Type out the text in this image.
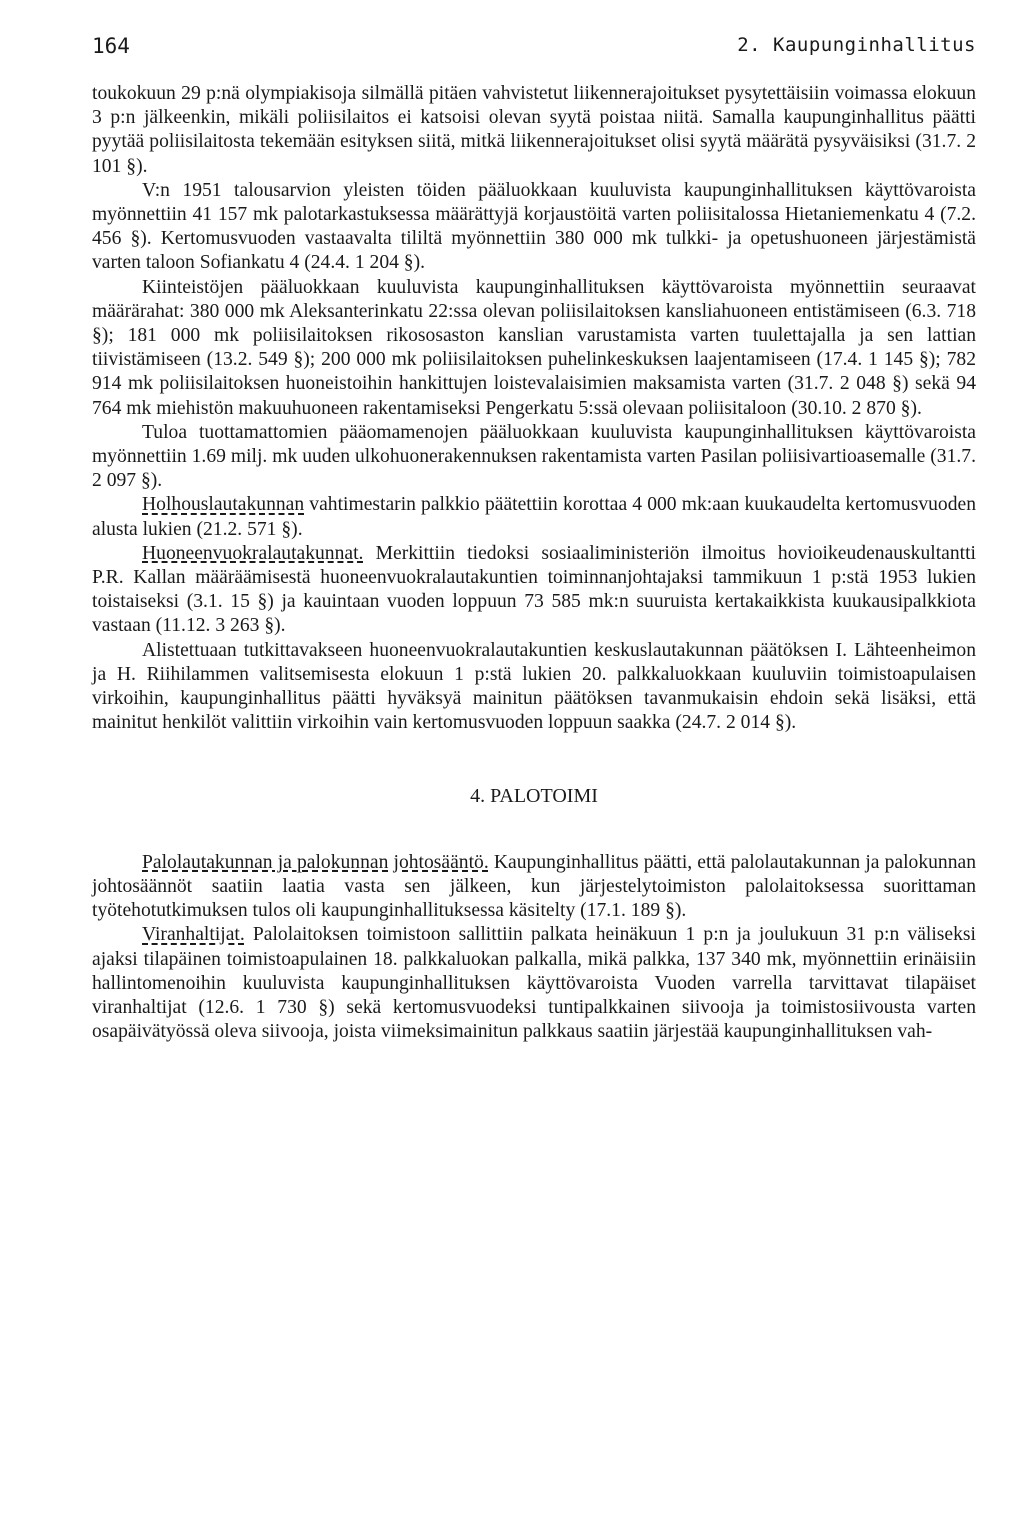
164	2. Kaupunginhallitus

toukokuun 29 p:nä olympiakisoja silmällä pitäen vahvistetut liikennerajoitukset pysytettäisiin voimassa elokuun 3 p:n jälkeenkin, mikäli poliisilaitos ei katsoisi olevan syytä poistaa niitä. Samalla kaupunginhallitus päätti pyytää poliisilaitosta tekemään esityksen siitä, mitkä liikennerajoitukset olisi syytä määrätä pysyväisiksi (31.7. 2 101 §).

V:n 1951 talousarvion yleisten töiden pääluokkaan kuuluvista kaupunginhallituksen käyttövaroista myönnettiin 41 157 mk palotarkastuksessa määrättyjä korjaustöitä varten poliisitalossa Hietaniemenkatu 4 (7.2. 456 §). Kertomusvuoden vastaavalta tililtä myönnettiin 380 000 mk tulkki- ja opetushuoneen järjestämistä varten taloon Sofiankatu 4 (24.4. 1 204 §).

Kiinteistöjen pääluokkaan kuuluvista kaupunginhallituksen käyttövaroista myönnettiin seuraavat määrärahat: 380 000 mk Aleksanterinkatu 22:ssa olevan poliisilaitoksen kansliahuoneen entistämiseen (6.3. 718 §); 181 000 mk poliisilaitoksen rikososaston kanslian varustamista varten tuulettajalla ja sen lattian tiivistämiseen (13.2. 549 §); 200 000 mk poliisilaitoksen puhelinkeskuksen laajentamiseen (17.4. 1 145 §); 782 914 mk poliisilaitoksen huoneistoihin hankittujen loistevalaisimien maksamista varten (31.7. 2 048 §) sekä 94 764 mk miehistön makuuhuoneen rakentamiseksi Pengerkatu 5:ssä olevaan poliisitaloon (30.10. 2 870 §).

Tuloa tuottamattomien pääomamenojen pääluokkaan kuuluvista kaupunginhallituksen käyttövaroista myönnettiin 1.69 milj. mk uuden ulkohuonerakennuksen rakentamista varten Pasilan poliisivartioasemalle (31.7. 2 097 §).

Holhouslautakunnan vahtimestarin palkkio päätettiin korottaa 4 000 mk:aan kuukaudelta kertomusvuoden alusta lukien (21.2. 571 §).

Huoneenvuokralautakunnat. Merkittiin tiedoksi sosiaaliministeriön ilmoitus hovioikeudenauskultantti P.R. Kallan määräämisestä huoneenvuokralautakuntien toiminnanjohtajaksi tammikuun 1 p:stä 1953 lukien toistaiseksi (3.1. 15 §) ja kauintaan vuoden loppuun 73 585 mk:n suuruista kertakaikkista kuukausipalkkiota vastaan (11.12. 3 263 §).

Alistettuaan tutkittavakseen huoneenvuokralautakuntien keskuslautakunnan päätöksen I. Lähteenheimon ja H. Riihilammen valitsemisesta elokuun 1 p:stä lukien 20. palkkaluokkaan kuuluviin toimistoapulaisen virkoihin, kaupunginhallitus päätti hyväksyä mainitun päätöksen tavanmukaisin ehdoin sekä lisäksi, että mainitut henkilöt valittiin virkoihin vain kertomusvuoden loppuun saakka (24.7. 2 014 §).

4. PALOTOIMI

Palolautakunnan ja palokunnan johtosääntö. Kaupunginhallitus päätti, että palolautakunnan ja palokunnan johtosäännöt saatiin laatia vasta sen jälkeen, kun järjestelytoimiston palolaitoksessa suorittaman työtehotutkimuksen tulos oli kaupunginhallituksessa käsitelty (17.1. 189 §).

Viranhaltijat. Palolaitoksen toimistoon sallittiin palkata heinäkuun 1 p:n ja joulukuun 31 p:n väliseksi ajaksi tilapäinen toimistoapulainen 18. palkkaluokan palkalla, mikä palkka, 137 340 mk, myönnettiin erinäisiin hallintomenoihin kuuluvista kaupunginhallituksen käyttövaroista Vuoden varrella tarvittavat tilapäiset viranhaltijat (12.6. 1 730 §) sekä kertomusvuodeksi tuntipalkkainen siivooja ja toimistosiivousta varten osapäivätyössä oleva siivooja, joista viimeksimainitun palkkaus saatiin järjestää kaupunginhallituksen vah-
